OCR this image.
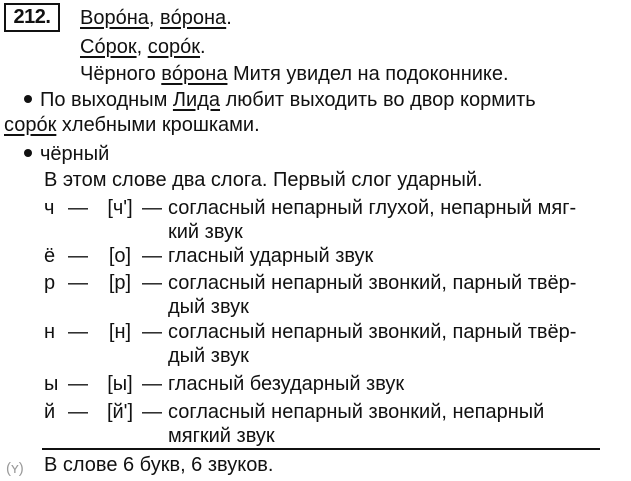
212.	Ворóна, вóрона.
Сóрок, сорóк.
Чёрного вóрона Митя увидел на подоконнике.
По выходным Лида любит выходить во двор кормить
сорóк хлебными крошками.
чёрный
В этом слове два слога. Первый слог ударный.
ч — [ч'] — согласный непарный глухой, непарный мяг-
кий звук
ё —	[о] — гласный ударный звук
р —	[р] — согласный непарный звонкий, парный твёр-
дый звук
н —	[н] — согласный непарный звонкий, парный твёр-
дый звук
ы — [ы] — гласный безударный звук
й — [й'] — согласный непарный звонкий, непарный
мягкий звук
(ʏ) В слове 6 букв, 6 звуков.
